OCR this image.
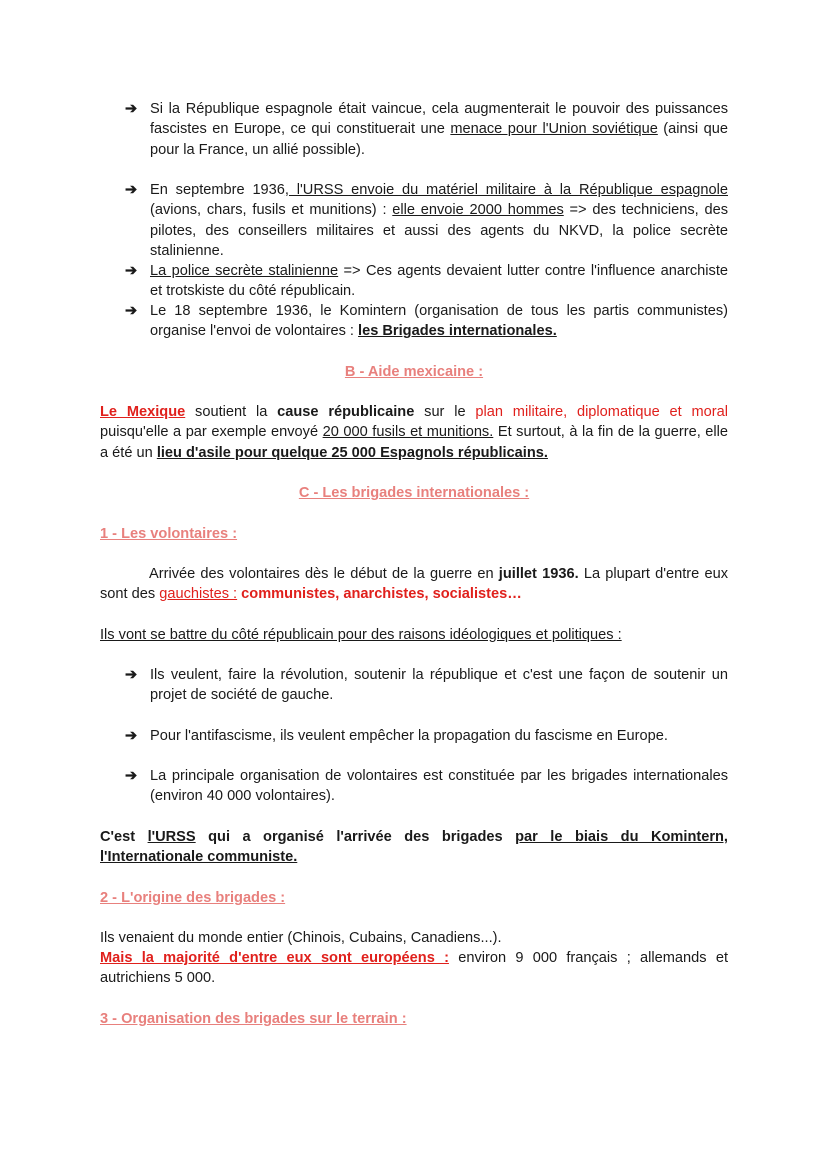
➔ Si la République espagnole était vaincue, cela augmenterait le pouvoir des puissances fascistes en Europe, ce qui constituerait une menace pour l'Union soviétique (ainsi que pour la France, un allié possible).
➔ En septembre 1936, l'URSS envoie du matériel militaire à la République espagnole (avions, chars, fusils et munitions) : elle envoie 2000 hommes => des techniciens, des pilotes, des conseillers militaires et aussi des agents du NKVD, la police secrète stalinienne.
➔ La police secrète stalinienne => Ces agents devaient lutter contre l'influence anarchiste et trotskiste du côté républicain.
➔ Le 18 septembre 1936, le Komintern (organisation de tous les partis communistes) organise l'envoi de volontaires : les Brigades internationales.
B - Aide mexicaine :
Le Mexique soutient la cause républicaine sur le plan militaire, diplomatique et moral puisqu'elle a par exemple envoyé 20 000 fusils et munitions. Et surtout, à la fin de la guerre, elle a été un lieu d'asile pour quelque 25 000 Espagnols républicains.
C - Les brigades internationales :
1 - Les volontaires :
Arrivée des volontaires dès le début de la guerre en juillet 1936. La plupart d'entre eux sont des gauchistes : communistes, anarchistes, socialistes…
Ils vont se battre du côté républicain pour des raisons idéologiques et politiques :
➔ Ils veulent, faire la révolution, soutenir la république et c'est une façon de soutenir un projet de société de gauche.
➔ Pour l'antifascisme, ils veulent empêcher la propagation du fascisme en Europe.
➔ La principale organisation de volontaires est constituée par les brigades internationales (environ 40 000 volontaires).
C'est l'URSS qui a organisé l'arrivée des brigades par le biais du Komintern, l'Internationale communiste.
2 - L'origine des brigades :
Ils venaient du monde entier (Chinois, Cubains, Canadiens...).
Mais la majorité d'entre eux sont européens : environ 9 000 français ; allemands et autrichiens 5 000.
3 - Organisation des brigades sur le terrain :
